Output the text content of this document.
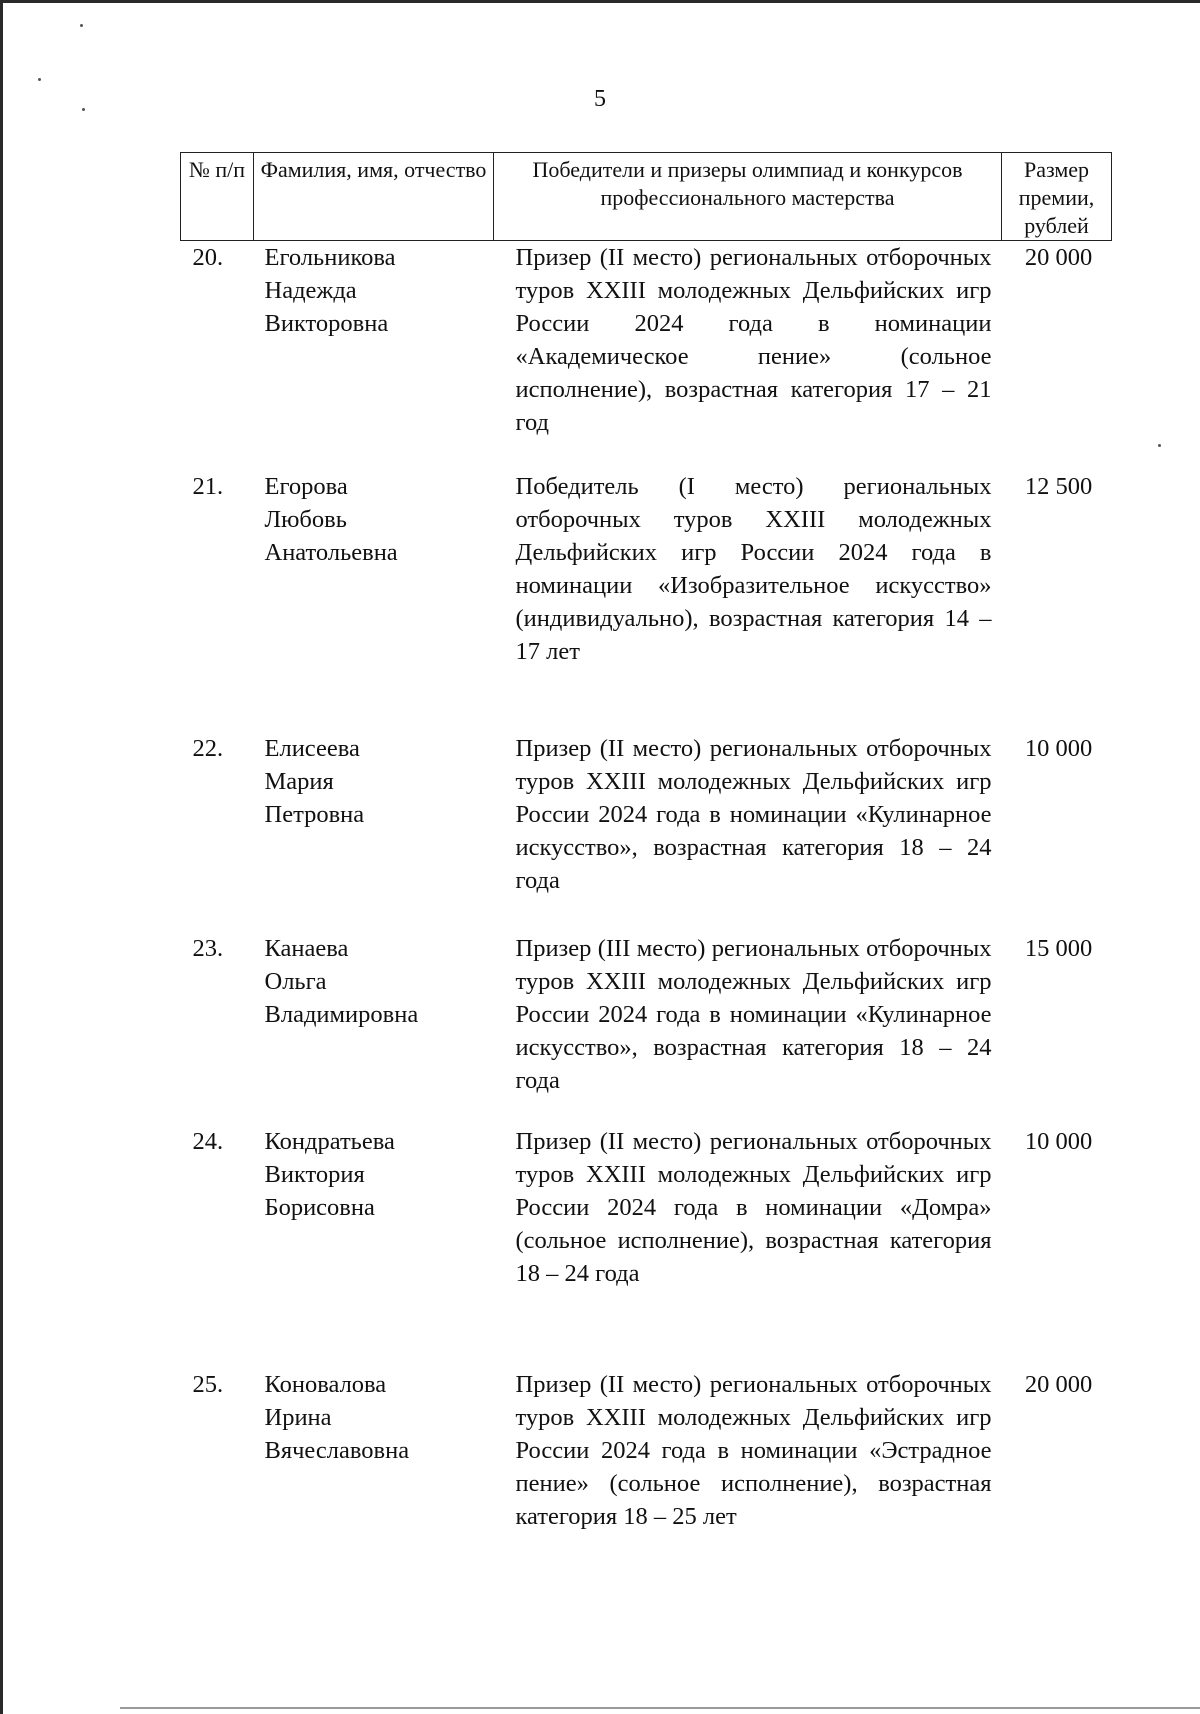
5
№ п/п	Фамилия, имя, отчество	Победители и призеры олимпиад и конкурсов профессионального мастерства	Размер премии, рублей
20.	Егольникова
Надежда
Викторовна	Призер (II место) региональных отборочных туров XXIII молодежных Дельфийских игр России 2024 года в номинации «Академическое пение» (сольное исполнение), возрастная категория 17 – 21 год	20 000
21.	Егорова
Любовь
Анатольевна	Победитель (I место) региональных отборочных туров XXIII молодежных Дельфийских игр России 2024 года в номинации «Изобразительное искусство» (индивидуально), возрастная категория 14 – 17 лет	12 500
22.	Елисеева
Мария
Петровна	Призер (II место) региональных отборочных туров XXIII молодежных Дельфийских игр России 2024 года в номинации «Кулинарное искусство», возрастная категория 18 – 24 года	10 000
23.	Канаева
Ольга
Владимировна	Призер (III место) региональных отборочных туров XXIII молодежных Дельфийских игр России 2024 года в номинации «Кулинарное искусство», возрастная категория 18 – 24 года	15 000
24.	Кондратьева
Виктория
Борисовна	Призер (II место) региональных отборочных туров XXIII молодежных Дельфийских игр России 2024 года в номинации «Домра» (сольное исполнение), возрастная категория 18 – 24 года	10 000
25.	Коновалова
Ирина
Вячеславовна	Призер (II место) региональных отборочных туров XXIII молодежных Дельфийских игр России 2024 года в номинации «Эстрадное пение» (сольное исполнение), возрастная категория 18 – 25 лет	20 000
